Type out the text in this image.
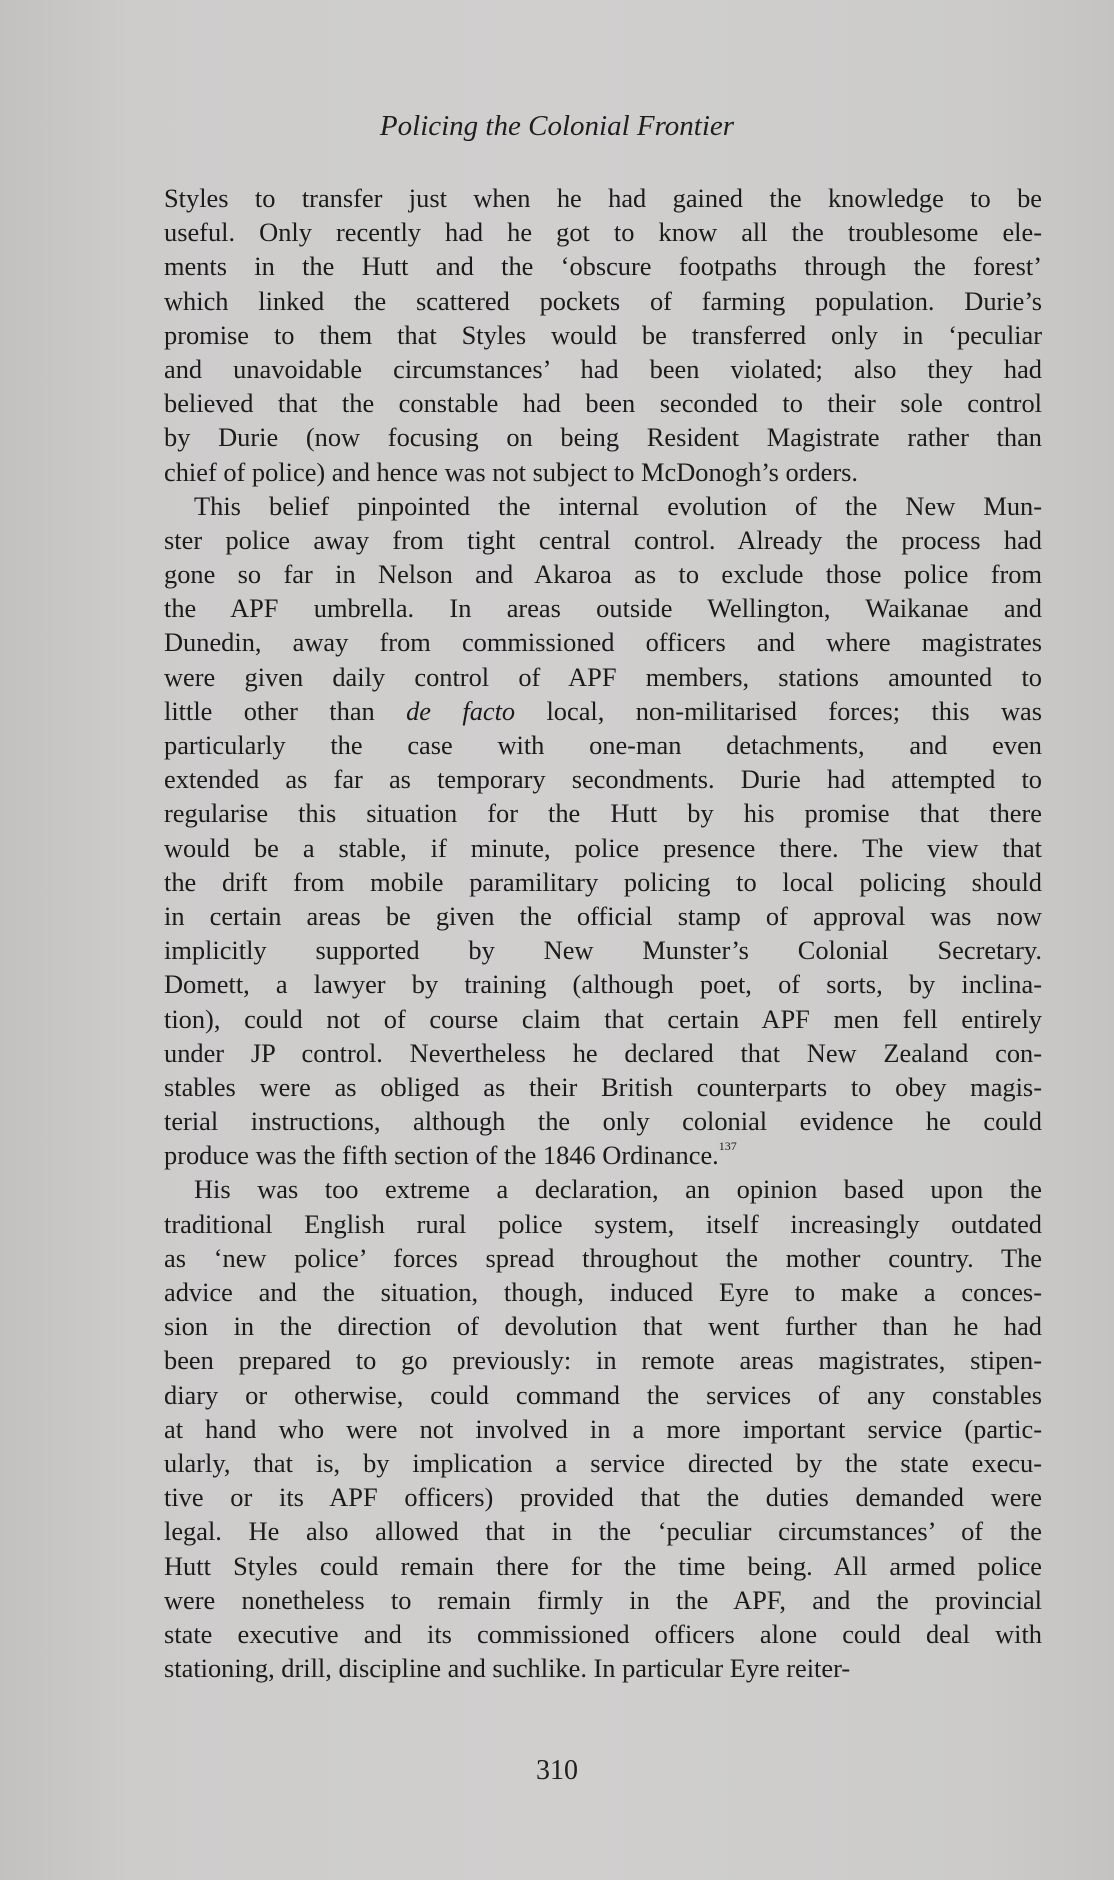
Policing the Colonial Frontier
Styles to transfer just when he had gained the knowledge to be
useful. Only recently had he got to know all the troublesome ele-
ments in the Hutt and the ‘obscure footpaths through the forest’
which linked the scattered pockets of farming population. Durie’s
promise to them that Styles would be transferred only in ‘peculiar
and unavoidable circumstances’ had been violated; also they had
believed that the constable had been seconded to their sole control
by Durie (now focusing on being Resident Magistrate rather than
chief of police) and hence was not subject to McDonogh’s orders.
This belief pinpointed the internal evolution of the New Mun-
ster police away from tight central control. Already the process had
gone so far in Nelson and Akaroa as to exclude those police from
the APF umbrella. In areas outside Wellington, Waikanae and
Dunedin, away from commissioned officers and where magistrates
were given daily control of APF members, stations amounted to
little other than de facto local, non-militarised forces; this was
particularly the case with one-man detachments, and even
extended as far as temporary secondments. Durie had attempted to
regularise this situation for the Hutt by his promise that there
would be a stable, if minute, police presence there. The view that
the drift from mobile paramilitary policing to local policing should
in certain areas be given the official stamp of approval was now
implicitly supported by New Munster’s Colonial Secretary.
Domett, a lawyer by training (although poet, of sorts, by inclina-
tion), could not of course claim that certain APF men fell entirely
under JP control. Nevertheless he declared that New Zealand con-
stables were as obliged as their British counterparts to obey magis-
terial instructions, although the only colonial evidence he could
produce was the fifth section of the 1846 Ordinance.$^{137}$
His was too extreme a declaration, an opinion based upon the
traditional English rural police system, itself increasingly outdated
as ‘new police’ forces spread throughout the mother country. The
advice and the situation, though, induced Eyre to make a conces-
sion in the direction of devolution that went further than he had
been prepared to go previously: in remote areas magistrates, stipen-
diary or otherwise, could command the services of any constables
at hand who were not involved in a more important service (partic-
ularly, that is, by implication a service directed by the state execu-
tive or its APF officers) provided that the duties demanded were
legal. He also allowed that in the ‘peculiar circumstances’ of the
Hutt Styles could remain there for the time being. All armed police
were nonetheless to remain firmly in the APF, and the provincial
state executive and its commissioned officers alone could deal with
stationing, drill, discipline and suchlike. In particular Eyre reiter-
310
